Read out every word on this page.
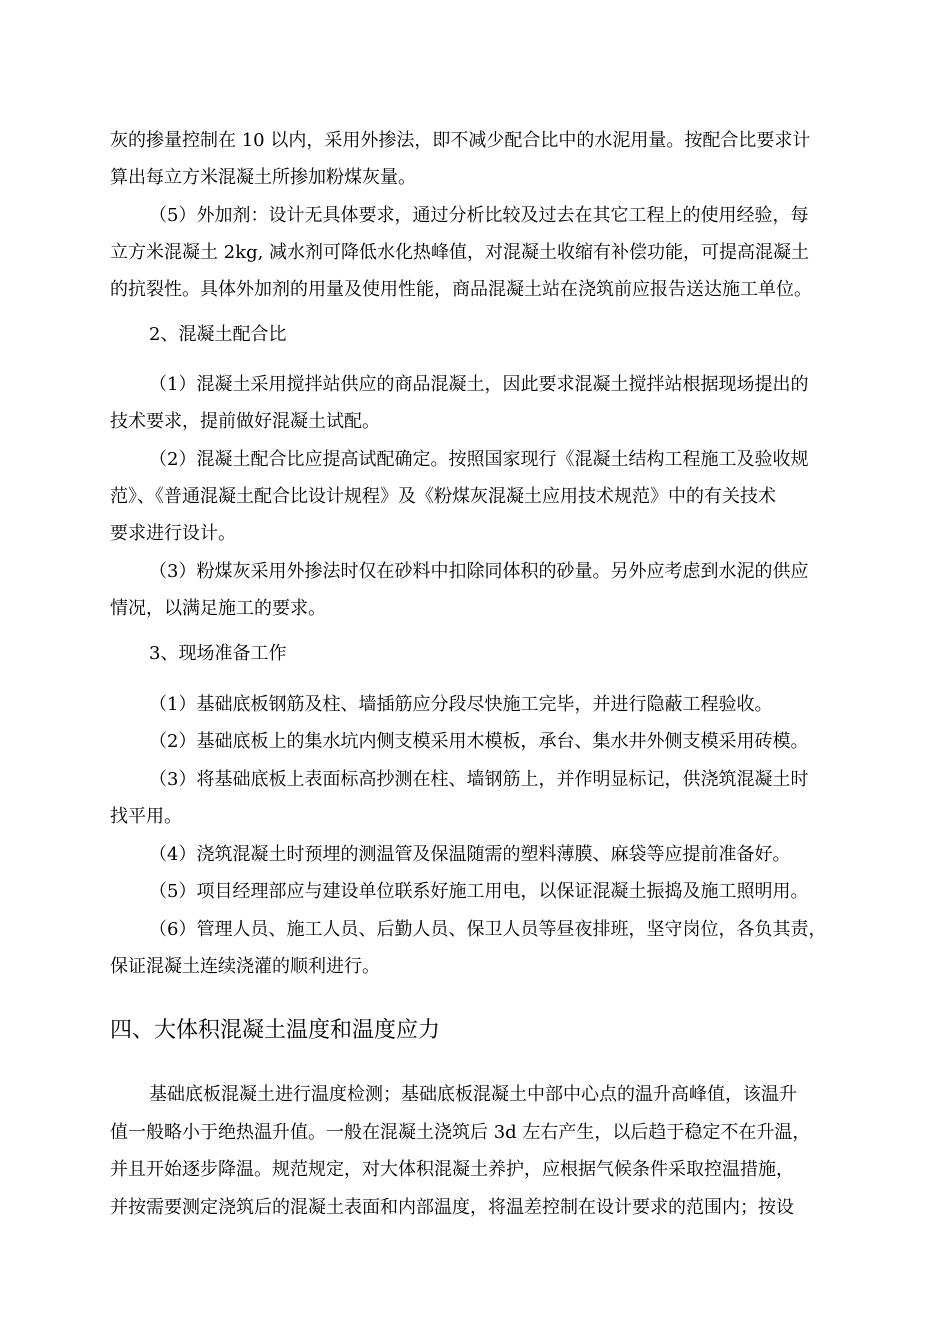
灰的掺量控制在 10 以内，采用外掺法，即不减少配合比中的水泥用量。按配合比要求计

算出每立方米混凝土所掺加粉煤灰量。

（5）外加剂：设计无具体要求，通过分析比较及过去在其它工程上的使用经验，每

立方米混凝土 2kg, 减水剂可降低水化热峰值，对混凝土收缩有补偿功能，可提高混凝土

的抗裂性。具体外加剂的用量及使用性能，商品混凝土站在浇筑前应报告送达施工单位。

2、混凝土配合比

（1）混凝土采用搅拌站供应的商品混凝土，因此要求混凝土搅拌站根据现场提出的

技术要求，提前做好混凝土试配。

（2）混凝土配合比应提高试配确定。按照国家现行《混凝土结构工程施工及验收规

范》、《普通混凝土配合比设计规程》及《粉煤灰混凝土应用技术规范》中的有关技术

要求进行设计。

（3）粉煤灰采用外掺法时仅在砂料中扣除同体积的砂量。另外应考虑到水泥的供应

情况，以满足施工的要求。

3、现场准备工作

（1）基础底板钢筋及柱、墙插筋应分段尽快施工完毕，并进行隐蔽工程验收。

（2）基础底板上的集水坑内侧支模采用木模板，承台、集水井外侧支模采用砖模。

（3）将基础底板上表面标高抄测在柱、墙钢筋上，并作明显标记，供浇筑混凝土时

找平用。

（4）浇筑混凝土时预埋的测温管及保温随需的塑料薄膜、麻袋等应提前准备好。

（5）项目经理部应与建设单位联系好施工用电，以保证混凝土振捣及施工照明用。

（6）管理人员、施工人员、后勤人员、保卫人员等昼夜排班，坚守岗位，各负其责，

保证混凝土连续浇灌的顺利进行。

四、大体积混凝土温度和温度应力

基础底板混凝土进行温度检测；基础底板混凝土中部中心点的温升高峰值，该温升

值一般略小于绝热温升值。一般在混凝土浇筑后 3d 左右产生，以后趋于稳定不在升温，

并且开始逐步降温。规范规定，对大体积混凝土养护，应根据气候条件采取控温措施，

并按需要测定浇筑后的混凝土表面和内部温度，将温差控制在设计要求的范围内；按设
